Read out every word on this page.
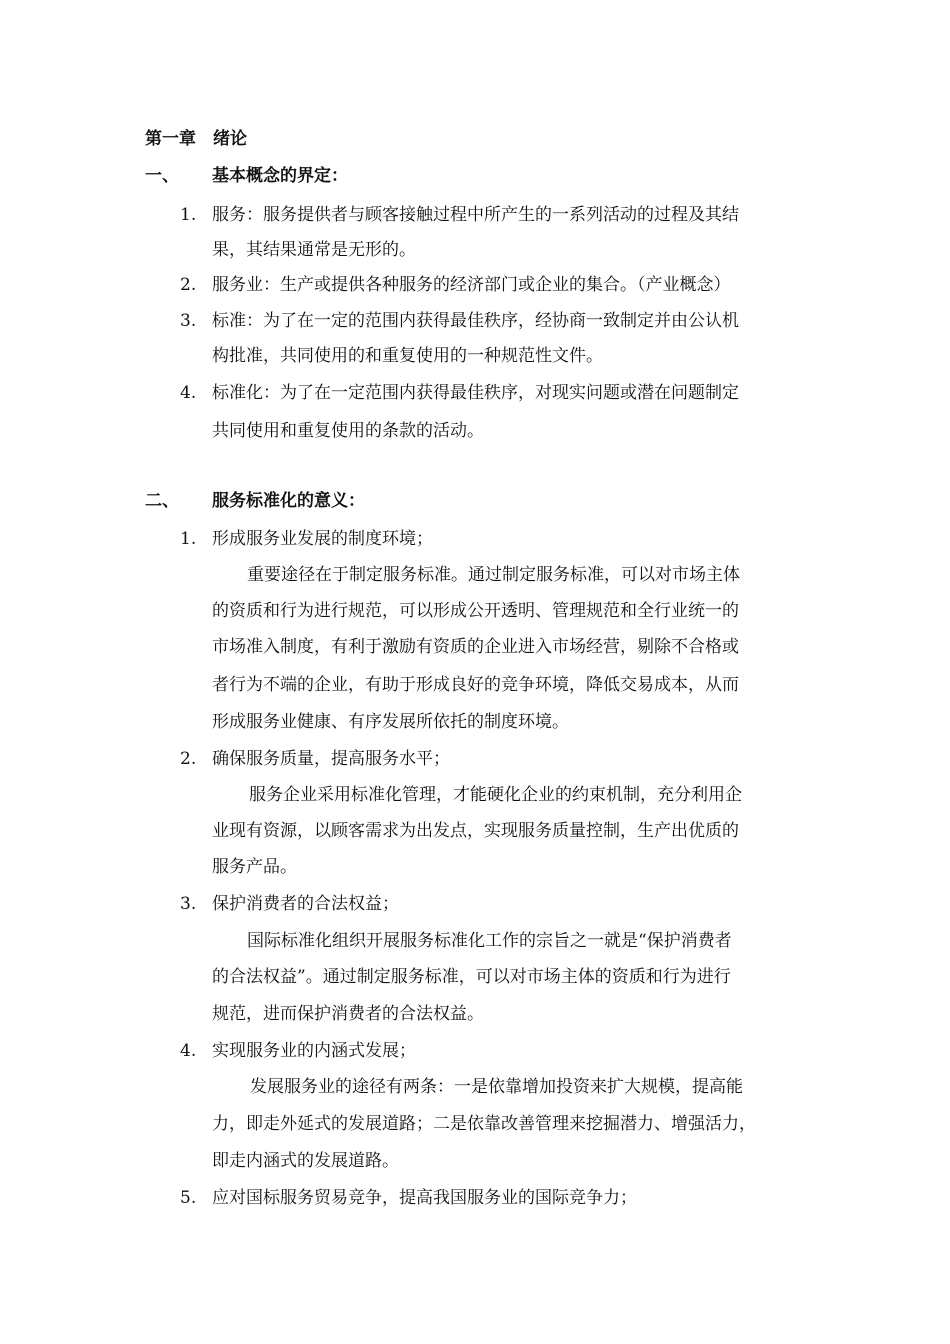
第一章　绪论
一、 基本概念的界定：
1. 服务：服务提供者与顾客接触过程中所产生的一系列活动的过程及其结
果，其结果通常是无形的。
2. 服务业：生产或提供各种服务的经济部门或企业的集合。（产业概念）
3. 标准：为了在一定的范围内获得最佳秩序，经协商一致制定并由公认机
构批准，共同使用的和重复使用的一种规范性文件。
4. 标准化：为了在一定范围内获得最佳秩序，对现实问题或潜在问题制定
共同使用和重复使用的条款的活动。
二、 服务标准化的意义：
1. 形成服务业发展的制度环境；
重要途径在于制定服务标准。通过制定服务标准，可以对市场主体
的资质和行为进行规范，可以形成公开透明、管理规范和全行业统一的
市场准入制度，有利于激励有资质的企业进入市场经营，剔除不合格或
者行为不端的企业，有助于形成良好的竞争环境，降低交易成本，从而
形成服务业健康、有序发展所依托的制度环境。
2. 确保服务质量，提高服务水平；
服务企业采用标准化管理，才能硬化企业的约束机制，充分利用企
业现有资源，以顾客需求为出发点，实现服务质量控制，生产出优质的
服务产品。
3. 保护消费者的合法权益；
国际标准化组织开展服务标准化工作的宗旨之一就是“保护消费者
的合法权益”。通过制定服务标准，可以对市场主体的资质和行为进行
规范，进而保护消费者的合法权益。
4. 实现服务业的内涵式发展；
发展服务业的途径有两条：一是依靠增加投资来扩大规模，提高能
力，即走外延式的发展道路；二是依靠改善管理来挖掘潜力、增强活力，
即走内涵式的发展道路。
5. 应对国标服务贸易竞争，提高我国服务业的国际竞争力；
